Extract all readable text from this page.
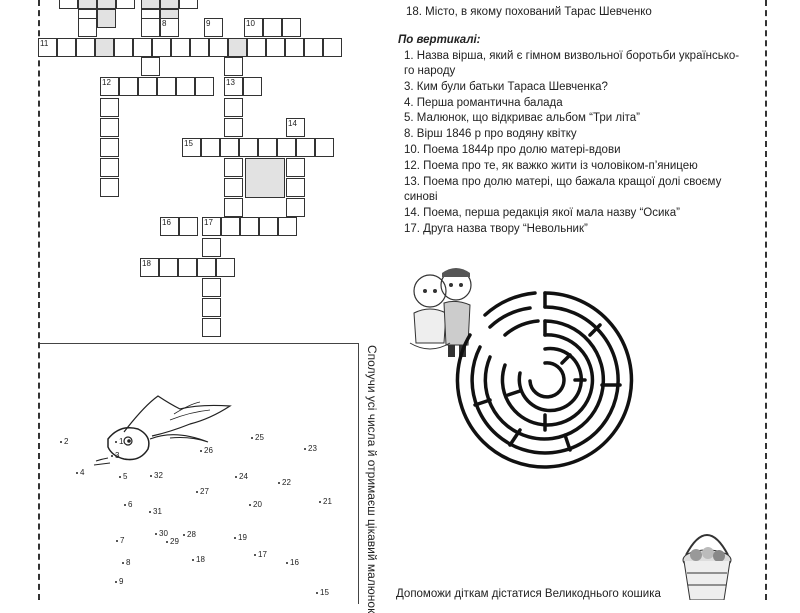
8	9	10
11
12	13
14
15
16	17
18
18. Місто, в якому похований Тарас Шевченко
По вертикалі:
1. Назва вірша, який є гімном визвольної боротьби українсько-
го народу
3. Ким були батьки Тараса Шевченка?
4. Перша романтична балада
5. Малюнок, що відкриває альбом “Три літа”
8. Вірш 1846 р про водяну квітку
10. Поема 1844р про долю матері-вдови
12. Поема про те, як важко жити із чоловіком-п’яницею
13. Поема про долю матері, що бажала кращої долі своєму
синові
14. Поема, перша редакція якої мала назву “Осика”
17. Друга назва твору “Невольник”
1
2
3
4	5
6
7
8
9
15
16
17
18
19
20	21
22
23
24
25
26
27
28
29
30
31
32	Сполучи усі числа й отримаєш цікавий малюнок Допоможи діткам дістатися Великоднього кошика
